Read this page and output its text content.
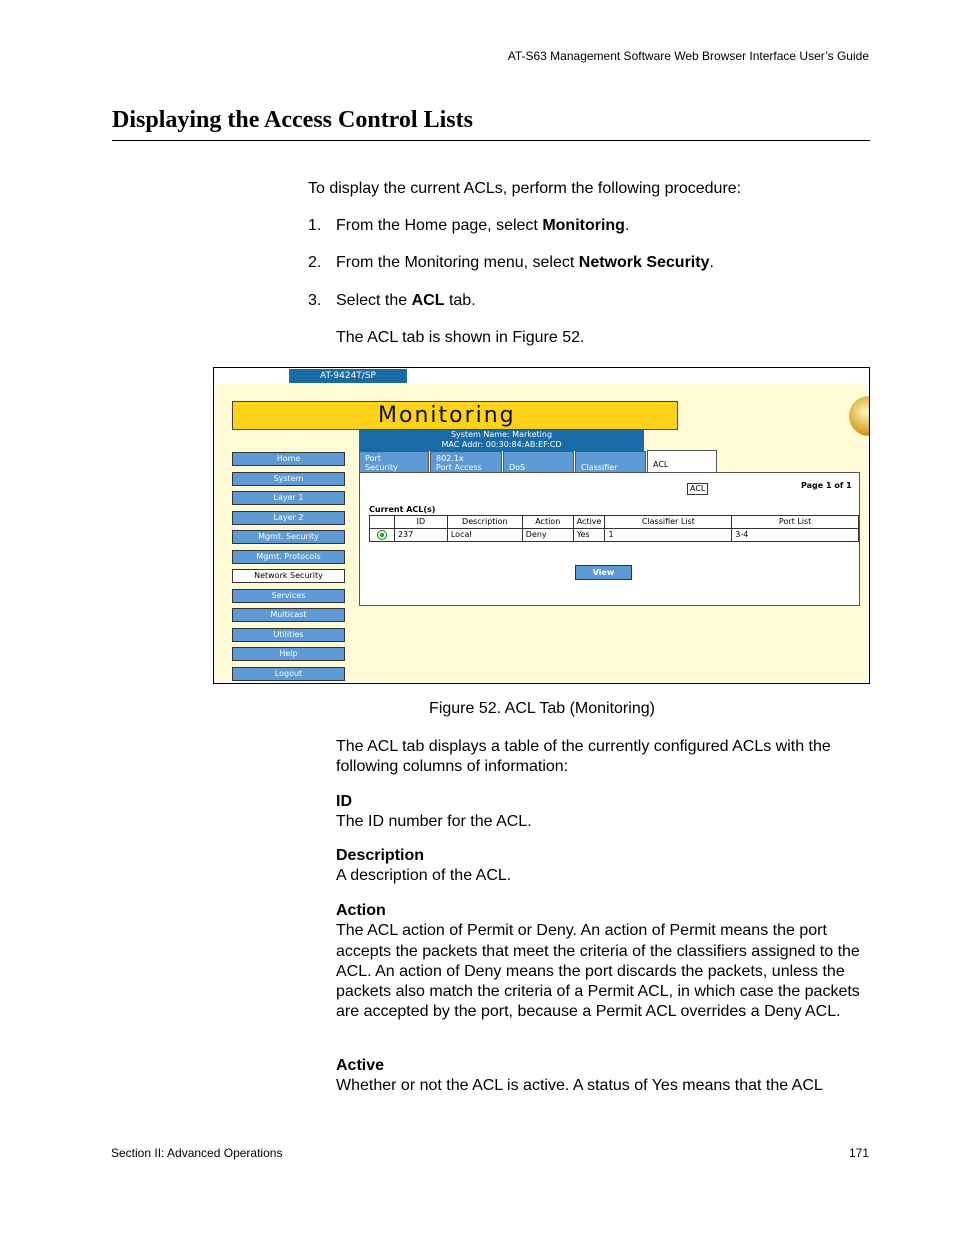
AT-S63 Management Software Web Browser Interface User’s Guide
Displaying the Access Control Lists
To display the current ACLs, perform the following procedure:
1. From the Home page, select Monitoring.
2. From the Monitoring menu, select Network Security.
3. Select the ACL tab.
The ACL tab is shown in Figure 52.
AT-9424T/SP
Monitoring
System Name: Marketing
MAC Addr: 00:30:84:AB:EF:CD
Home
System
Layer 1
Layer 2
Mgmt. Security
Mgmt. Protocols
Network Security
Services
Multicast
Utilities
Help
Logout
Port
Security
802.1x
Port Access	DoS	Classifier	ACL
ACL	Page 1 of 1
Current ACL(s)
	ID	Description	Action	Active	Classifier List	Port List
	237	Local	Deny	Yes	1	3-4
View
Figure 52. ACL Tab (Monitoring)
The ACL tab displays a table of the currently configured ACLs with the following columns of information:
ID
The ID number for the ACL.
Description
A description of the ACL.
Action
The ACL action of Permit or Deny. An action of Permit means the port accepts the packets that meet the criteria of the classifiers assigned to the ACL. An action of Deny means the port discards the packets, unless the packets also match the criteria of a Permit ACL, in which case the packets are accepted by the port, because a Permit ACL overrides a Deny ACL.
Active
Whether or not the ACL is active. A status of Yes means that the ACL
Section II: Advanced Operations	171
